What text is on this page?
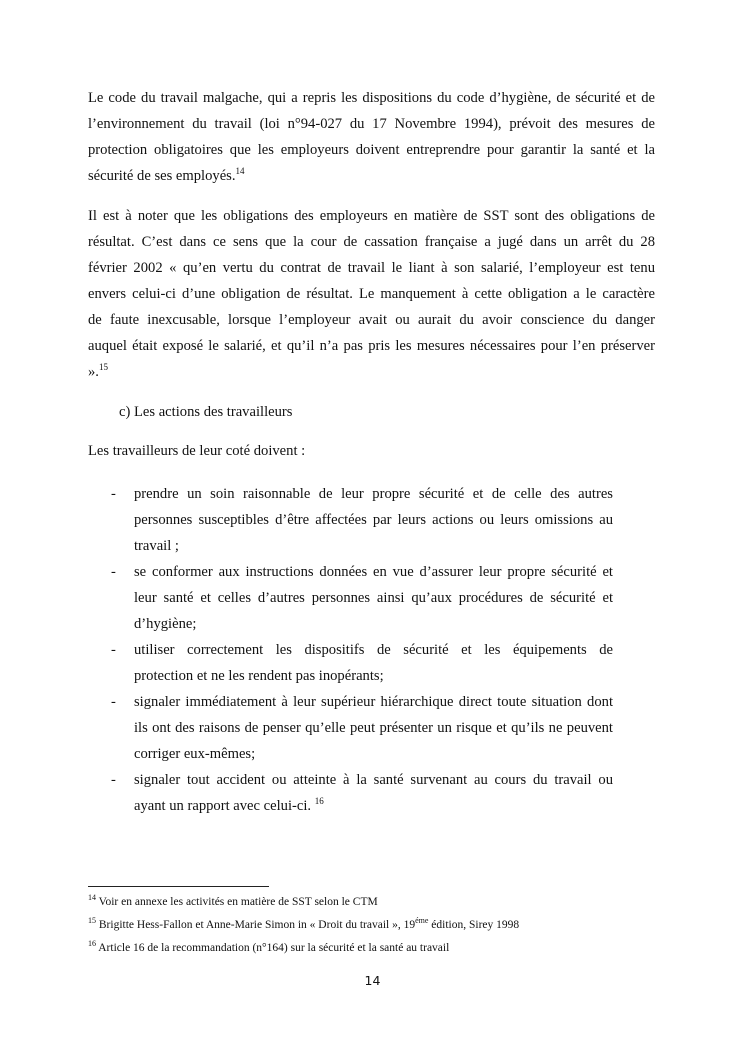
Le code du travail malgache, qui a repris les dispositions du code d’hygiène, de sécurité et de
l’environnement du travail (loi n°94-027 du 17 Novembre 1994), prévoit des mesures de
protection obligatoires que les employeurs doivent entreprendre pour garantir la santé et la
sécurité de ses employés.$^{14}$
Il est à noter que les obligations des employeurs en matière de SST sont des obligations de
résultat. C’est dans ce sens que la cour de cassation française a jugé dans un arrêt du 28
février 2002 « qu’en vertu du contrat de travail le liant à son salarié, l’employeur est tenu
envers celui-ci d’une obligation de résultat. Le manquement à cette obligation a le caractère
de faute inexcusable, lorsque l’employeur avait ou aurait du avoir conscience du danger
auquel était exposé le salarié, et qu’il n’a pas pris les mesures nécessaires pour l’en préserver
».$^{15}$

c) Les actions des travailleurs

Les travailleurs de leur coté doivent :

-	prendre un soin raisonnable de leur propre sécurité et de celle des autres
personnes susceptibles d’être affectées par leurs actions ou leurs omissions au
travail ;
-	se conformer aux instructions données en vue d’assurer leur propre sécurité et
leur santé et celles d’autres personnes ainsi qu’aux procédures de sécurité et
d’hygiène;
-	utiliser correctement les dispositifs de sécurité et les équipements de
protection et ne les rendent pas inopérants;
-	signaler immédiatement à leur supérieur hiérarchique direct toute situation dont
ils ont des raisons de penser qu’elle peut présenter un risque et qu’ils ne peuvent
corriger eux-mêmes;
-	signaler tout accident ou atteinte à la santé survenant au cours du travail ou
ayant un rapport avec celui-ci. $^{16}$
$^{14}$ Voir en annexe les activités en matière de SST selon le CTM
$^{15}$ Brigitte Hess-Fallon et Anne-Marie Simon in « Droit du travail », $19^{éme}$ édition, Sirey 1998
$^{16}$ Article 16 de la recommandation (n°164) sur la sécurité et la santé au travail
14
